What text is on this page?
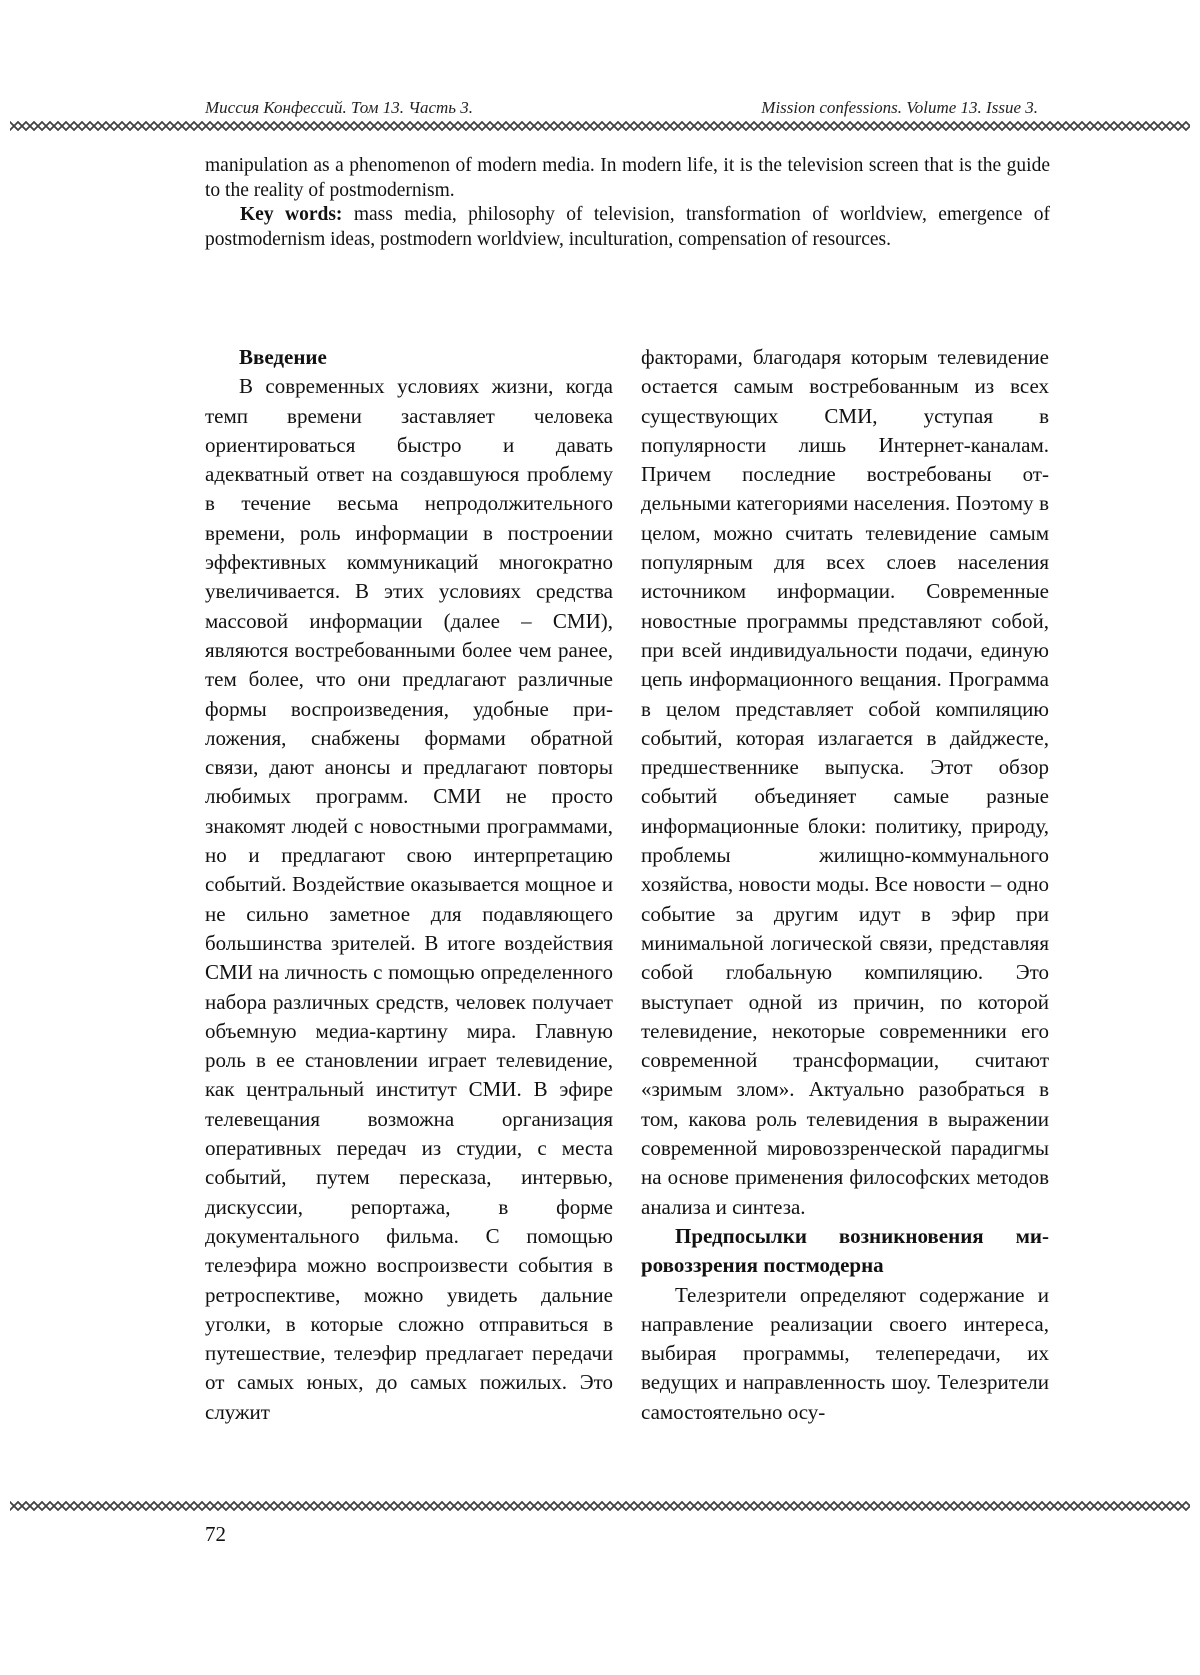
Миссия Конфессий. Том 13. Часть 3.	Mission confessions. Volume 13. Issue 3.

manipulation as a phenomenon of modern media. In modern life, it is the television screen that is the guide to the reality of postmodernism.

Key words: mass media, philosophy of television, transformation of worldview, emergence of postmodernism ideas, postmodern worldview, inculturation, compensation of resources.

Введение

В современных условиях жизни, когда темп времени заставляет человека ориентироваться быстро и давать адекватный ответ на создавшуюся проблему в течение весьма непродолжительного времени, роль информации в построении эффективных коммуникаций многократно увеличивается. В этих условиях средства массовой информации (далее – СМИ), являются востребованными более чем ранее, тем более, что они предлагают различные формы воспроизведения, удобные приложения, снабжены формами обратной связи, дают анонсы и предлагают повторы любимых программ. СМИ не просто знакомят людей с новостными программами, но и предлагают свою интерпретацию событий. Воздействие оказывается мощное и не сильно заметное для подавляющего большинства зрителей. В итоге воздействия СМИ на личность с помощью определенного набора различных средств, человек получает объемную медиа-картину мира. Главную роль в ее становлении играет телевидение, как центральный институт СМИ. В эфире телевещания возможна организация оперативных передач из студии, с места событий, путем пересказа, интервью, дискуссии, репортажа, в форме документального фильма. С помощью телеэфира можно воспроизвести события в ретроспективе, можно увидеть дальние уголки, в которые сложно отправиться в путешествие, телеэфир предлагает передачи от самых юных, до самых пожилых. Это служит

факторами, благодаря которым телевидение остается самым востребованным из всех существующих СМИ, уступая в популярности лишь Интернет-каналам. Причем последние востребованы отдельными категориями населения. Поэтому в целом, можно считать телевидение самым популярным для всех слоев населения источником информации. Современные новостные программы представляют собой, при всей индивидуальности подачи, единую цепь информационного вещания. Программа в целом представляет собой компиляцию событий, которая излагается в дайджесте, предшественнике выпуска. Этот обзор событий объединяет самые разные информационные блоки: политику, природу, проблемы жилищно-коммунального хозяйства, новости моды. Все новости – одно событие за другим идут в эфир при минимальной логической связи, представляя собой глобальную компиляцию. Это выступает одной из причин, по которой телевидение, некоторые современники его современной трансформации, считают «зримым злом». Актуально разобраться в том, какова роль телевидения в выражении современной мировоззренческой парадигмы на основе применения философских методов анализа и синтеза.

Предпосылки возникновения мировоззрения постмодерна

Телезрители определяют содержание и направление реализации своего интереса, выбирая программы, телепередачи, их ведущих и направленность шоу. Телезрители самостоятельно осу-

72
